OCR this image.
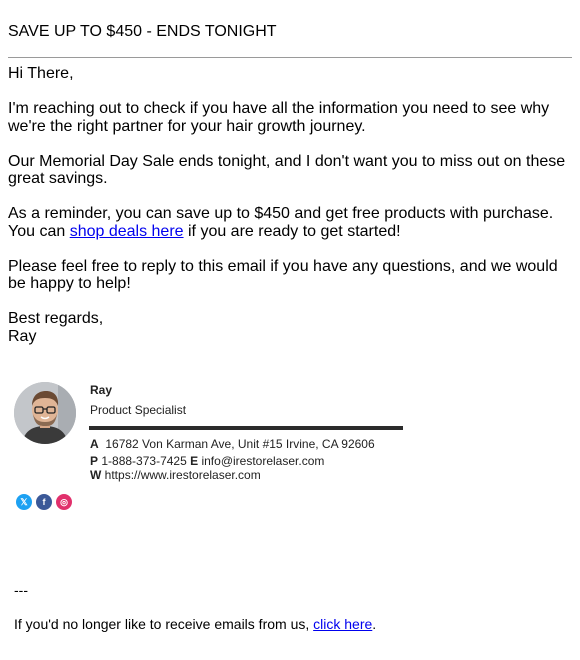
SAVE UP TO $450 - ENDS TONIGHT

Hi There,

I'm reaching out to check if you have all the information you need to see why we're the right partner for your hair growth journey.

Our Memorial Day Sale ends tonight, and I don't want you to miss out on these great savings.

As a reminder, you can save up to $450 and get free products with purchase. You can shop deals here if you are ready to get started!

Please feel free to reply to this email if you have any questions, and we would be happy to help!

Best regards,
Ray

Ray
Product Specialist
A 16782 Von Karman Ave, Unit #15 Irvine, CA 92606
P 1-888-373-7425 E info@irestorelaser.com
W https://www.irestorelaser.com
𝕏	f	◎
---
If you'd no longer like to receive emails from us, click here.
